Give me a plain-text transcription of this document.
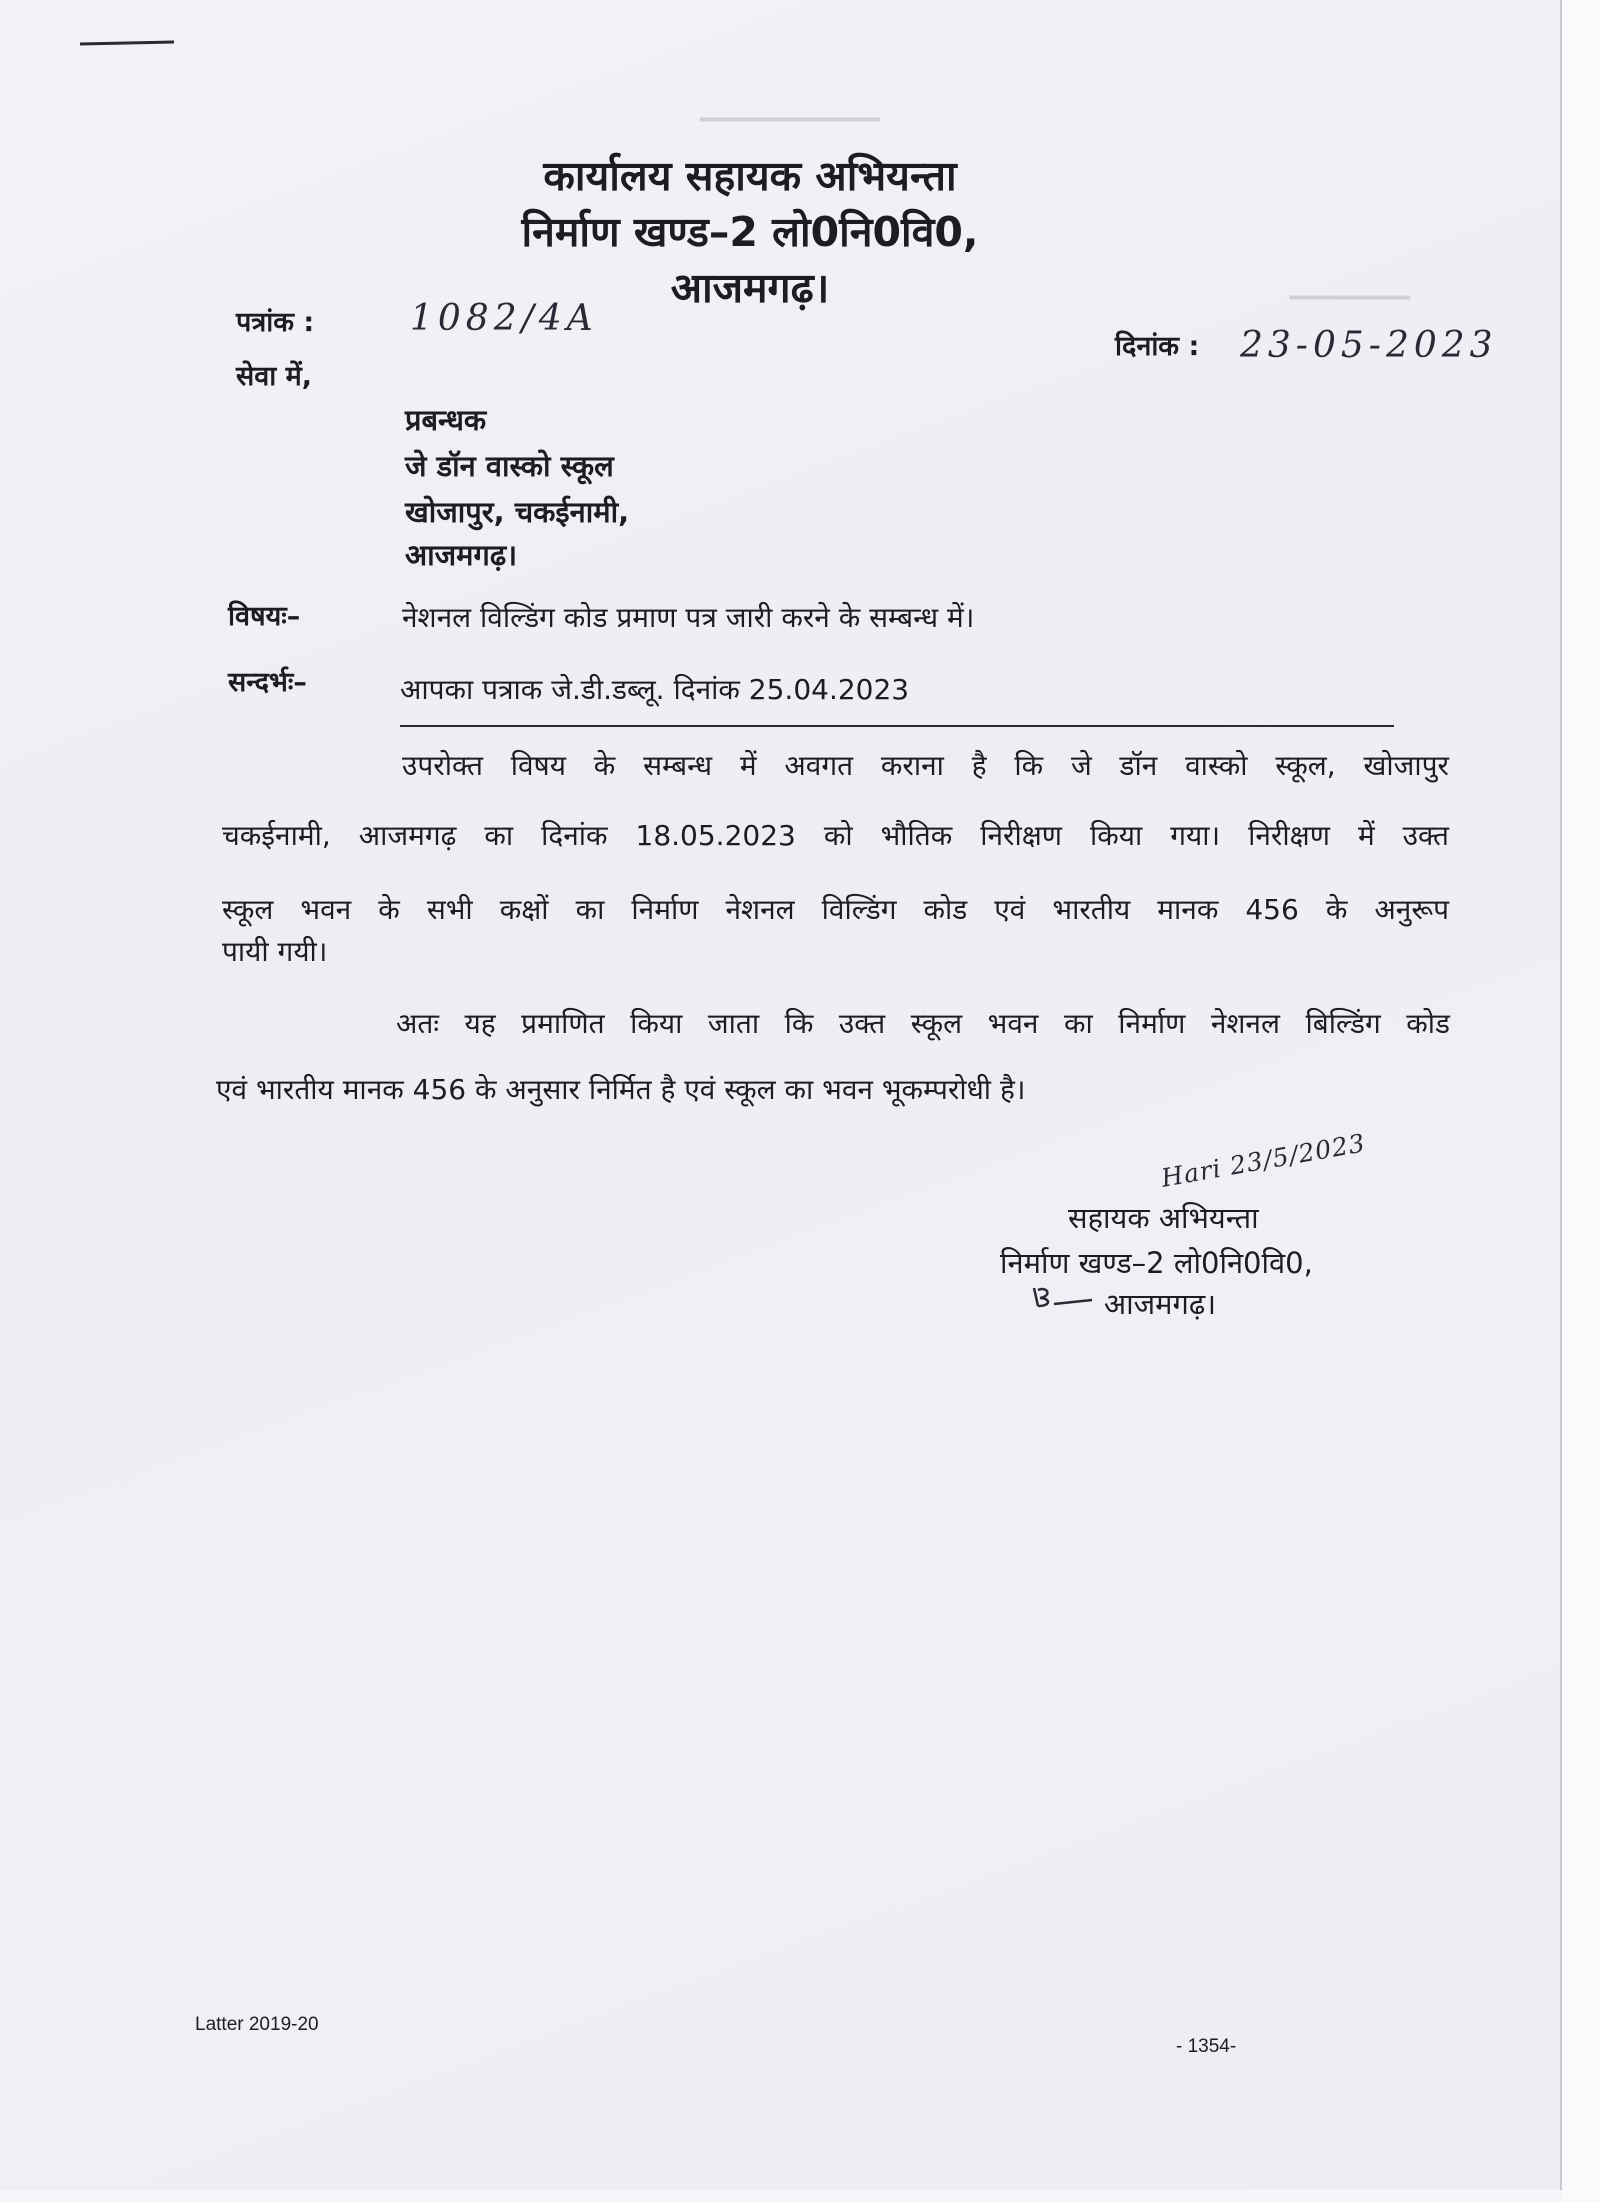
▁▁▁▁▁▁▁▁▁
▁▁▁▁▁▁
कार्यालय सहायक अभियन्ता
निर्माण खण्ड–2 लो0नि0वि0,
आजमगढ़।
पत्रांक :	1082/4A
दिनांक : 23-05-2023
सेवा में,
प्रबन्धक
जे डॉन वास्को स्कूल
खोजापुर, चकईनामी,
आजमगढ़।
विषयः–	नेशनल विल्डिंग कोड प्रमाण पत्र जारी करने के सम्बन्ध में।
सन्दर्भः–	आपका पत्राक जे.डी.डब्लू. दिनांक 25.04.2023
उपरोक्त विषय के सम्बन्ध में अवगत कराना है कि जे डॉन वास्को स्कूल, खोजापुर
चकईनामी, आजमगढ़ का दिनांक 18.05.2023 को भौतिक निरीक्षण किया गया। निरीक्षण में उक्त
स्कूल भवन के सभी कक्षों का निर्माण नेशनल विल्डिंग कोड एवं भारतीय मानक 456 के अनुरूप
पायी गयी।
अतः यह प्रमाणित किया जाता कि उक्त स्कूल भवन का निर्माण नेशनल बिल्डिंग कोड
एवं भारतीय मानक 456 के अनुसार निर्मित है एवं स्कूल का भवन भूकम्परोधी है।
Hari 23/5/2023
सहायक अभियन्ता
निर्माण खण्ड–2 लो0नि0वि0,
आजमगढ़।
Latter 2019-20
- 1354-
